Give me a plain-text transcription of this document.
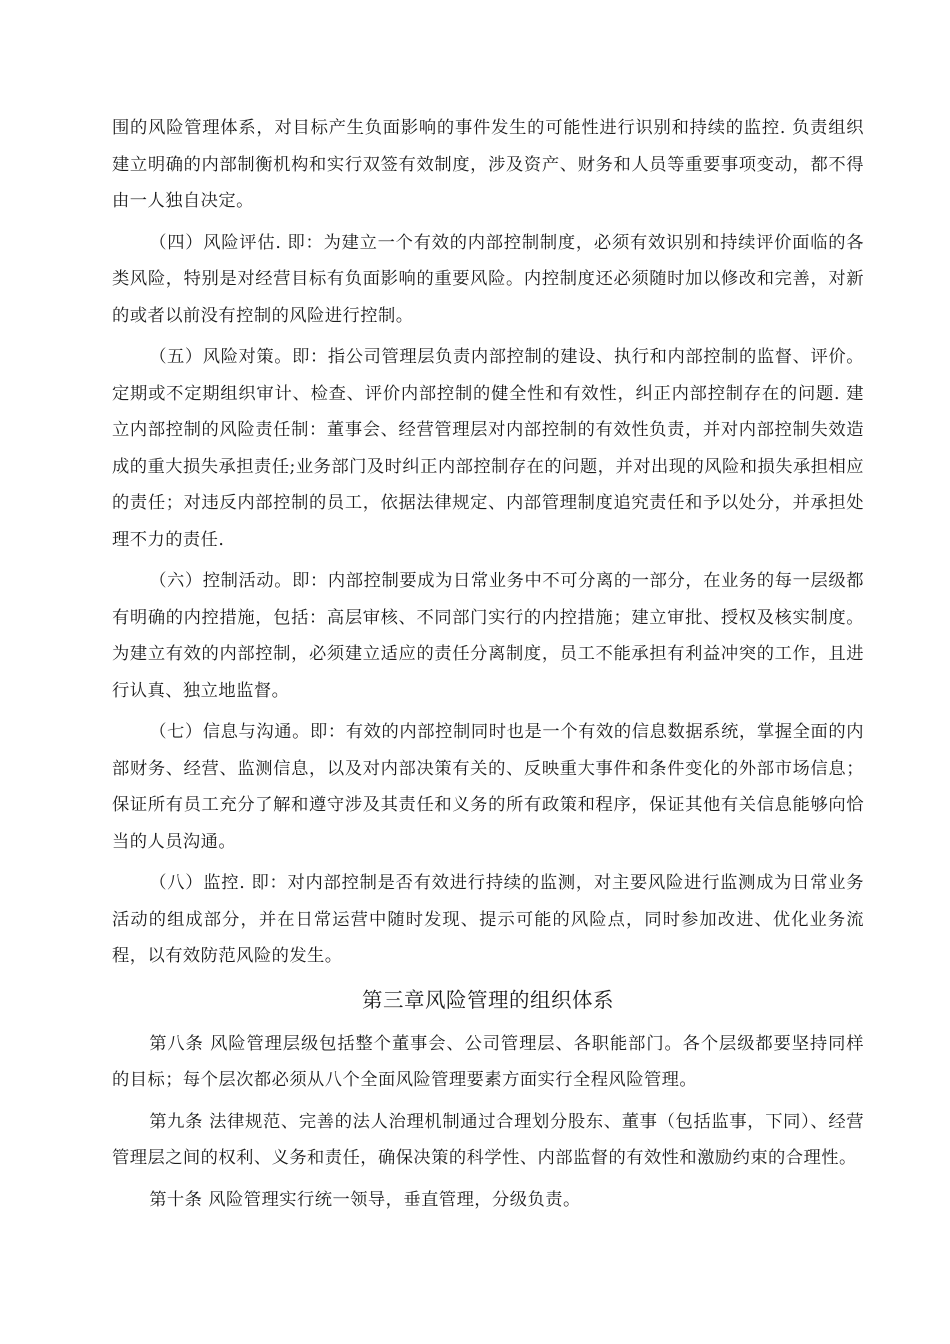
围的风险管理体系，对目标产生负面影响的事件发生的可能性进行识别和持续的监控. 负责组织建立明确的内部制衡机构和实行双签有效制度，涉及资产、财务和人员等重要事项变动，都不得由一人独自决定。

（四）风险评估. 即：为建立一个有效的内部控制制度，必须有效识别和持续评价面临的各类风险，特别是对经营目标有负面影响的重要风险。内控制度还必须随时加以修改和完善，对新的或者以前没有控制的风险进行控制。

（五）风险对策。即：指公司管理层负责内部控制的建设、执行和内部控制的监督、评价。定期或不定期组织审计、检查、评价内部控制的健全性和有效性，纠正内部控制存在的问题. 建立内部控制的风险责任制：董事会、经营管理层对内部控制的有效性负责，并对内部控制失效造成的重大损失承担责任;业务部门及时纠正内部控制存在的问题，并对出现的风险和损失承担相应的责任；对违反内部控制的员工，依据法律规定、内部管理制度追究责任和予以处分，并承担处理不力的责任.

（六）控制活动。即：内部控制要成为日常业务中不可分离的一部分，在业务的每一层级都有明确的内控措施，包括：高层审核、不同部门实行的内控措施；建立审批、授权及核实制度。为建立有效的内部控制，必须建立适应的责任分离制度，员工不能承担有利益冲突的工作，且进行认真、独立地监督。

（七）信息与沟通。即：有效的内部控制同时也是一个有效的信息数据系统，掌握全面的内部财务、经营、监测信息，以及对内部决策有关的、反映重大事件和条件变化的外部市场信息；保证所有员工充分了解和遵守涉及其责任和义务的所有政策和程序，保证其他有关信息能够向恰当的人员沟通。

（八）监控. 即：对内部控制是否有效进行持续的监测，对主要风险进行监测成为日常业务活动的组成部分，并在日常运营中随时发现、提示可能的风险点，同时参加改进、优化业务流程，以有效防范风险的发生。

第三章风险管理的组织体系

第八条 风险管理层级包括整个董事会、公司管理层、各职能部门。各个层级都要坚持同样的目标；每个层次都必须从八个全面风险管理要素方面实行全程风险管理。

第九条 法律规范、完善的法人治理机制通过合理划分股东、董事（包括监事，下同）、经营管理层之间的权利、义务和责任，确保决策的科学性、内部监督的有效性和激励约束的合理性。

第十条 风险管理实行统一领导，垂直管理，分级负责。
